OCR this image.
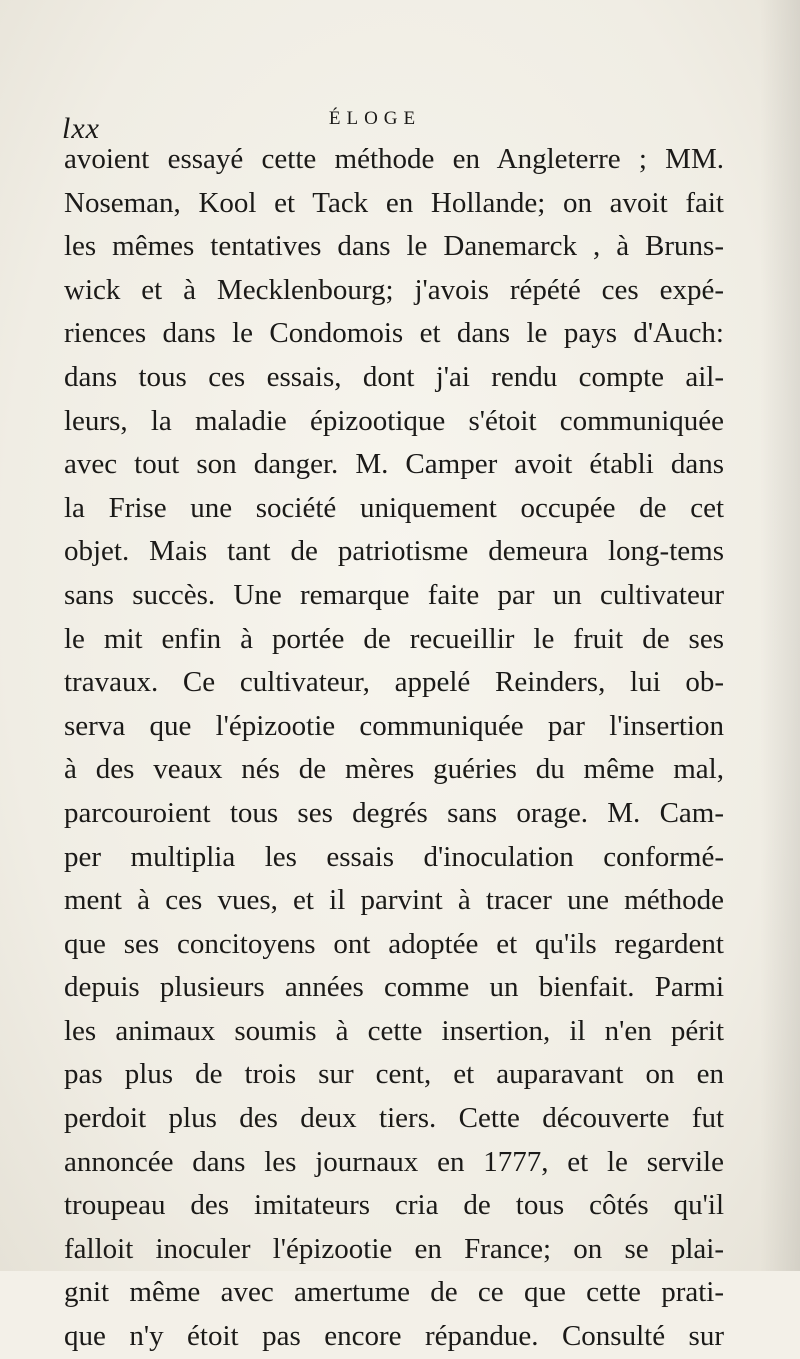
lxx	ÉLOGE
avoient essayé cette méthode en Angleterre ; MM.
Noseman, Kool et Tack en Hollande; on avoit fait
les mêmes tentatives dans le Danemarck , à Bruns-
wick et à Mecklenbourg; j'avois répété ces expé-
riences dans le Condomois et dans le pays d'Auch:
dans tous ces essais, dont j'ai rendu compte ail-
leurs, la maladie épizootique s'étoit communiquée
avec tout son danger. M. Camper avoit établi dans
la Frise une société uniquement occupée de cet
objet. Mais tant de patriotisme demeura long-tems
sans succès. Une remarque faite par un cultivateur
le mit enfin à portée de recueillir le fruit de ses
travaux. Ce cultivateur, appelé Reinders, lui ob-
serva que l'épizootie communiquée par l'insertion
à des veaux nés de mères guéries du même mal,
parcouroient tous ses degrés sans orage. M. Cam-
per multiplia les essais d'inoculation conformé-
ment à ces vues, et il parvint à tracer une méthode
que ses concitoyens ont adoptée et qu'ils regardent
depuis plusieurs années comme un bienfait. Parmi
les animaux soumis à cette insertion, il n'en périt
pas plus de trois sur cent, et auparavant on en
perdoit plus des deux tiers. Cette découverte fut
annoncée dans les journaux en 1777, et le servile
troupeau des imitateurs cria de tous côtés qu'il
falloit inoculer l'épizootie en France; on se plai-
gnit même avec amertume de ce que cette prati-
que n'y étoit pas encore répandue. Consulté sur
